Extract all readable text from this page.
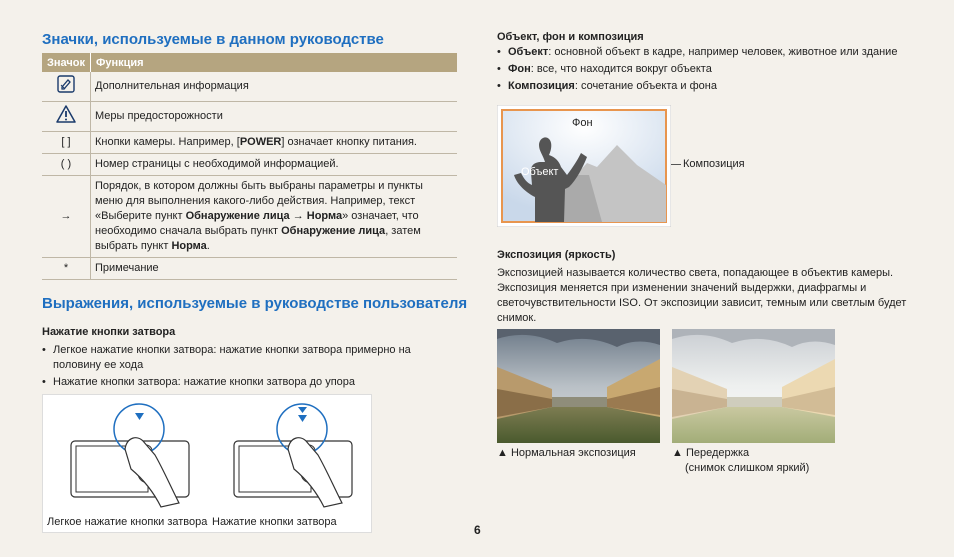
Значки, используемые в данном руководстве
Значок	Функция
	Дополнительная информация
	Меры предосторожности
[ ]	Кнопки камеры. Например, [POWER] означает кнопку питания.
( )	Номер страницы с необходимой информацией.
→	Порядок, в котором должны быть выбраны параметры и пункты меню для выполнения какого-либо действия. Например, текст «Выберите пункт Обнаружение лица → Норма» означает, что необходимо сначала выбрать пункт Обнаружение лица, затем выбрать пункт Норма.
*	Примечание
Выражения, используемые в руководстве пользователя
Нажатие кнопки затвора
• Легкое нажатие кнопки затвора: нажатие кнопки затвора примерно на половину ее хода
• Нажатие кнопки затвора: нажатие кнопки затвора до упора
Легкое нажатие кнопки затвора Нажатие кнопки затвора
Объект, фон и композиция
• Объект: основной объект в кадре, например человек, животное или здание
• Фон: все, что находится вокруг объекта
• Композиция: сочетание объекта и фона
Фон
Объект
Композиция
Экспозиция (яркость)

Экспозицией называется количество света, попадающее в объектив камеры. Экспозиция меняется при изменении значений выдержки, диафрагмы и светочувствительности ISO. От экспозиции зависит, темным или светлым будет снимок.

▲ Нормальная экспозиция	▲ Передержка
(снимок слишком яркий)
6
